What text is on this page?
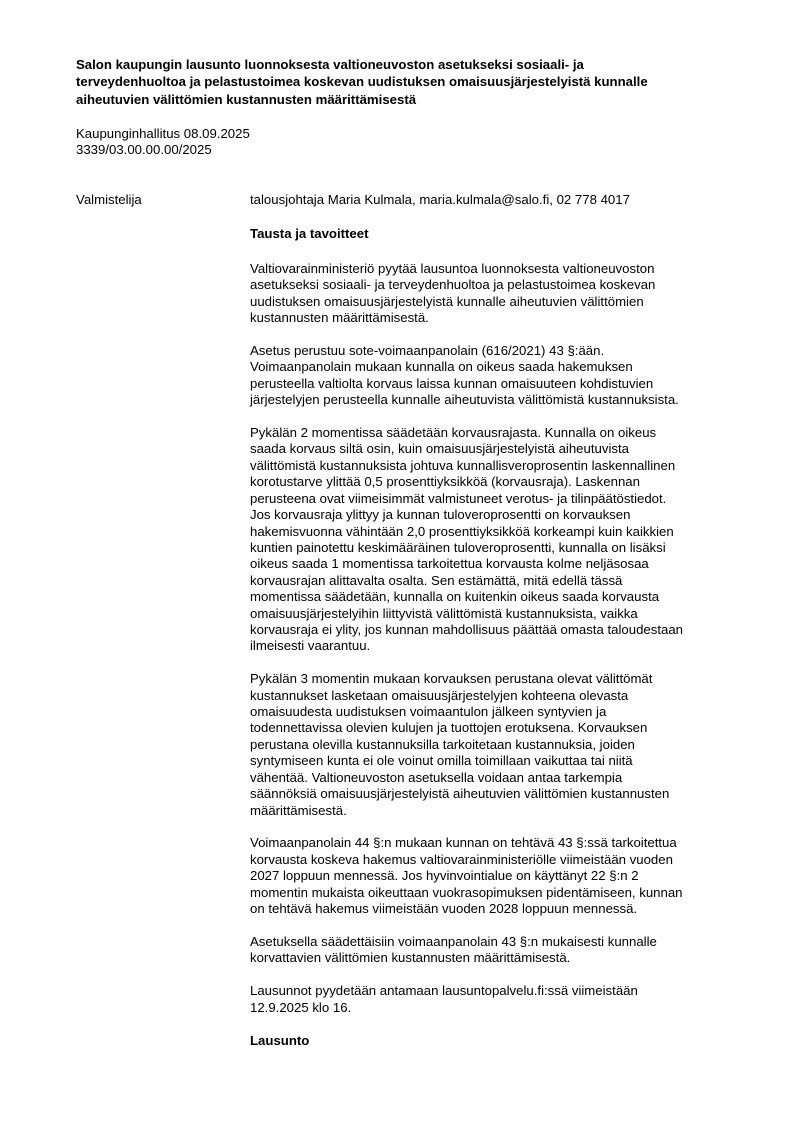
Salon kaupungin lausunto luonnoksesta valtioneuvoston asetukseksi sosiaali- ja
terveydenhuoltoa ja pelastustoimea koskevan uudistuksen omaisuusjärjestelyistä kunnalle
aiheutuvien välittömien kustannusten määrittämisestä
Kaupunginhallitus 08.09.2025
3339/03.00.00.00/2025
Valmistelija	talousjohtaja Maria Kulmala, maria.kulmala@salo.fi, 02 778 4017
Tausta ja tavoitteet
Valtiovarainministeriö pyytää lausuntoa luonnoksesta valtioneuvoston
asetukseksi sosiaali- ja terveydenhuoltoa ja pelastustoimea koskevan
uudistuksen omaisuusjärjestelyistä kunnalle aiheutuvien välittömien
kustannusten määrittämisestä.
Asetus perustuu sote-voimaanpanolain (616/2021) 43 §:ään.
Voimaanpanolain mukaan kunnalla on oikeus saada hakemuksen
perusteella valtiolta korvaus laissa kunnan omaisuuteen kohdistuvien
järjestelyjen perusteella kunnalle aiheutuvista välittömistä kustannuksista.
Pykälän 2 momentissa säädetään korvausrajasta. Kunnalla on oikeus
saada korvaus siltä osin, kuin omaisuusjärjestelyistä aiheutuvista
välittömistä kustannuksista johtuva kunnallisveroprosentin laskennallinen
korotustarve ylittää 0,5 prosenttiyksikköä (korvausraja). Laskennan
perusteena ovat viimeisimmät valmistuneet verotus- ja tilinpäätöstiedot.
Jos korvausraja ylittyy ja kunnan tuloveroprosentti on korvauksen
hakemisvuonna vähintään 2,0 prosenttiyksikköä korkeampi kuin kaikkien
kuntien painotettu keskimääräinen tuloveroprosentti, kunnalla on lisäksi
oikeus saada 1 momentissa tarkoitettua korvausta kolme neljäsosaa
korvausrajan alittavalta osalta. Sen estämättä, mitä edellä tässä
momentissa säädetään, kunnalla on kuitenkin oikeus saada korvausta
omaisuusjärjestelyihin liittyvistä välittömistä kustannuksista, vaikka
korvausraja ei ylity, jos kunnan mahdollisuus päättää omasta taloudestaan
ilmeisesti vaarantuu.
Pykälän 3 momentin mukaan korvauksen perustana olevat välittömät
kustannukset lasketaan omaisuusjärjestelyjen kohteena olevasta
omaisuudesta uudistuksen voimaantulon jälkeen syntyvien ja
todennettavissa olevien kulujen ja tuottojen erotuksena. Korvauksen
perustana olevilla kustannuksilla tarkoitetaan kustannuksia, joiden
syntymiseen kunta ei ole voinut omilla toimillaan vaikuttaa tai niitä
vähentää. Valtioneuvoston asetuksella voidaan antaa tarkempia
säännöksiä omaisuusjärjestelyistä aiheutuvien välittömien kustannusten
määrittämisestä.
Voimaanpanolain 44 §:n mukaan kunnan on tehtävä 43 §:ssä tarkoitettua
korvausta koskeva hakemus valtiovarainministeriölle viimeistään vuoden
2027 loppuun mennessä. Jos hyvinvointialue on käyttänyt 22 §:n 2
momentin mukaista oikeuttaan vuokrasopimuksen pidentämiseen, kunnan
on tehtävä hakemus viimeistään vuoden 2028 loppuun mennessä.
Asetuksella säädettäisiin voimaanpanolain 43 §:n mukaisesti kunnalle
korvattavien välittömien kustannusten määrittämisestä.
Lausunnot pyydetään antamaan lausuntopalvelu.fi:ssä viimeistään
12.9.2025 klo 16.
Lausunto
